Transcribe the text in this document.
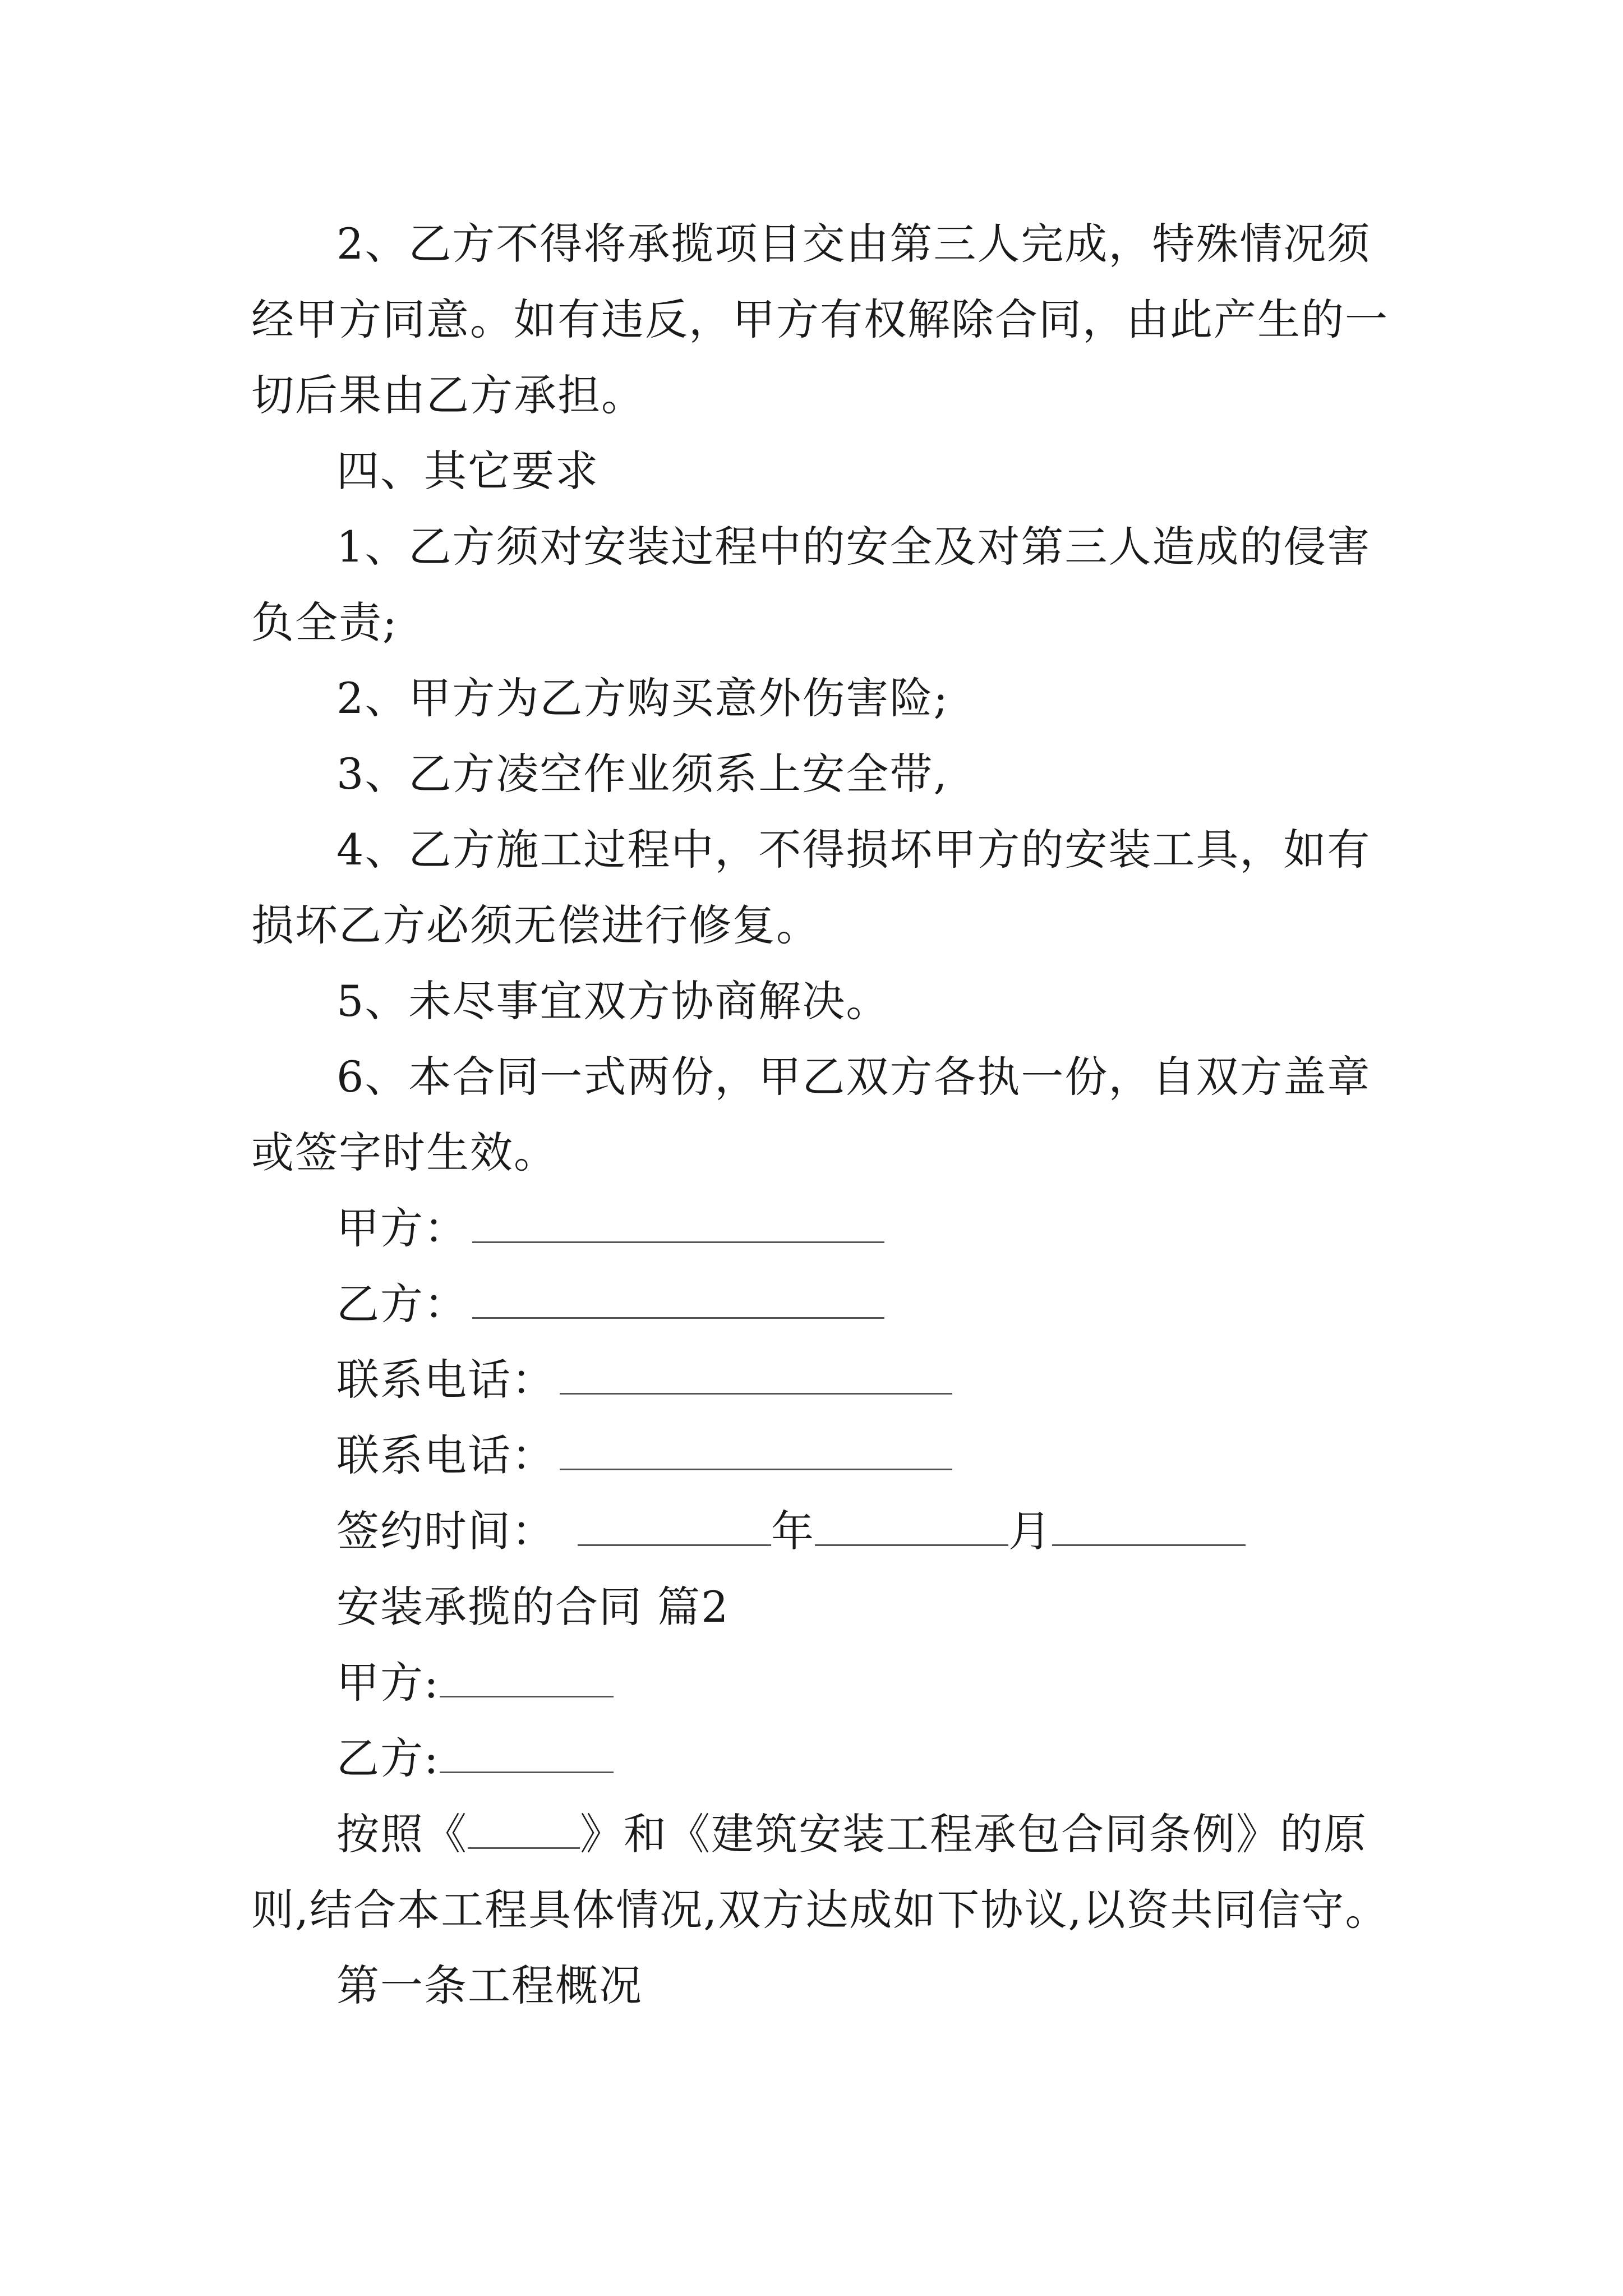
2、乙方不得将承揽项目交由第三人完成，特殊情况须
经甲方同意。如有违反，甲方有权解除合同，由此产生的一
切后果由乙方承担。
四、其它要求
1、乙方须对安装过程中的安全及对第三人造成的侵害
负全责;
2、甲方为乙方购买意外伤害险;
3、乙方凌空作业须系上安全带,
4、乙方施工过程中，不得损坏甲方的安装工具，如有
损坏乙方必须无偿进行修复。
5、未尽事宜双方协商解决。
6、本合同一式两份，甲乙双方各执一份，自双方盖章
或签字时生效。
甲方：
乙方：
联系电话：
联系电话：
签约时间：	年	月
安装承揽的合同 篇2
甲方:
乙方:
按照《	》和《建筑安装工程承包合同条例》的原
则,结合本工程具体情况,双方达成如下协议,以资共同信守。
第一条工程概况
